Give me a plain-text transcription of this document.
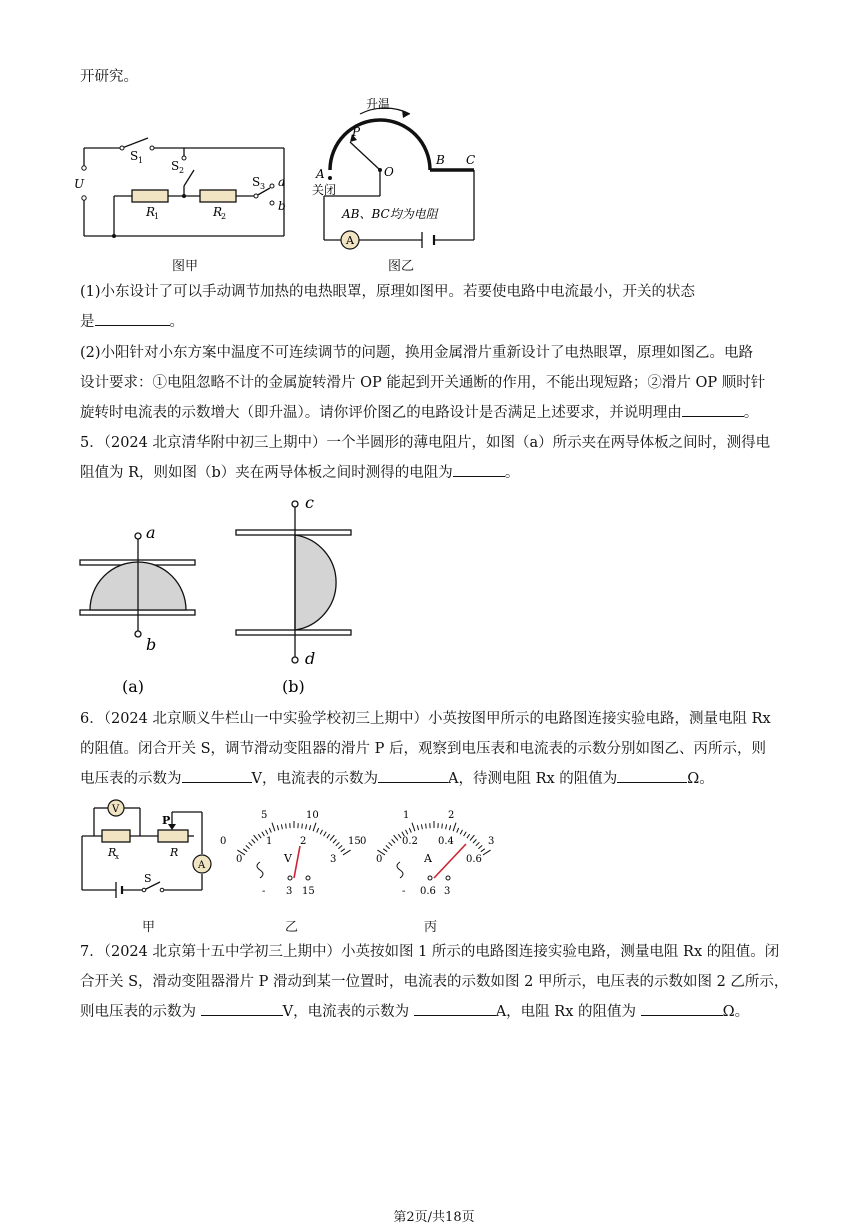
开研究。
U
S 1 S 2
S 3
R
1	R
2
a
b
图甲
A
升温
P
O
A
B C
关闭
AB、BC均为电阻
图乙
(1)小东设计了可以手动调节加热的电热眼罩，原理如图甲。若要使电路中电流最小，开关的状态
是	。
(2)小阳针对小东方案中温度不可连续调节的问题，换用金属滑片重新设计了电热眼罩，原理如图乙。电路
设计要求：①电阻忽略不计的金属旋转滑片 OP 能起到开关通断的作用，不能出现短路；②滑片 OP 顺时针
旋转时电流表的示数增大（即升温）。请你评价图乙的电路设计是否满足上述要求，并说明理由	。
5．（2024 北京清华附中初三上期中）一个半圆形的薄电阻片，如图（a）所示夹在两导体板之间时，测得电
阻值为 R，则如图（b）夹在两导体板之间时测得的电阻为	。
a
b
c
d
(a)	(b)
6．（2024 北京顺义牛栏山一中实验学校初三上期中）小英按图甲所示的电路图连接实验电路，测量电阻 Rx
的阻值。闭合开关 S，调节滑动变阻器的滑片 P 后，观察到电压表和电流表的示数分别如图乙、丙所示，则
电压表的示数为	V，电流表的示数为	A，待测电阻 Rx 的阻值为	Ω。
V
A
P
R
x	R
S
甲
0
5	10
15
0
1	2
3
V
- 3 15
乙
0
1	2
3
0
0.2 0.4
0.6
A
- 0.6 3
丙
7．（2024 北京第十五中学初三上期中）小英按如图 1 所示的电路图连接实验电路，测量电阻 Rx 的阻值。闭
合开关 S，滑动变阻器滑片 P 滑动到某一位置时，电流表的示数如图 2 甲所示，电压表的示数如图 2 乙所示，
则电压表的示数为	V，电流表的示数为	A，电阻 Rx 的阻值为	Ω。
第2页/共18页
